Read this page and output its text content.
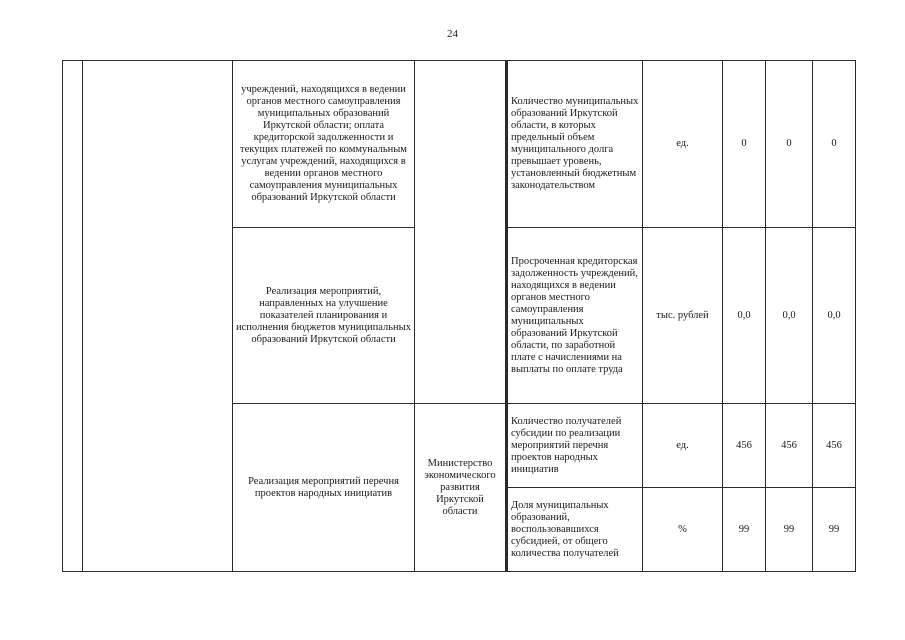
24
		учреждений, находящихся в ведении органов местного самоуправления муниципальных образований Иркутской области; оплата кредиторской задолженности и текущих платежей по коммунальным услугам учреждений, находящихся в ведении органов местного самоуправления муниципальных образований Иркутской области		Количество муниципальных образований Иркутской области, в которых предельный объем муниципального долга превышает уровень, установленный бюджетным законодательством	ед.	0	0	0
		Реализация мероприятий, направленных на улучшение показателей планирования и исполнения бюджетов муниципальных образований Иркутской области		Просроченная кредиторская задолженность учреждений, находящихся в ведении органов местного самоуправления муниципальных образований Иркутской области, по заработной плате с начислениями на выплаты по оплате труда	тыс. рублей	0,0	0,0	0,0
		Реализация мероприятий перечня проектов народных инициатив	Министерство экономического развития Иркутской области	Количество получателей субсидии по реализации мероприятий перечня проектов народных инициатив	ед.	456	456	456
				Доля муниципальных образований, воспользовавшихся субсидией, от общего количества получателей	%	99	99	99
